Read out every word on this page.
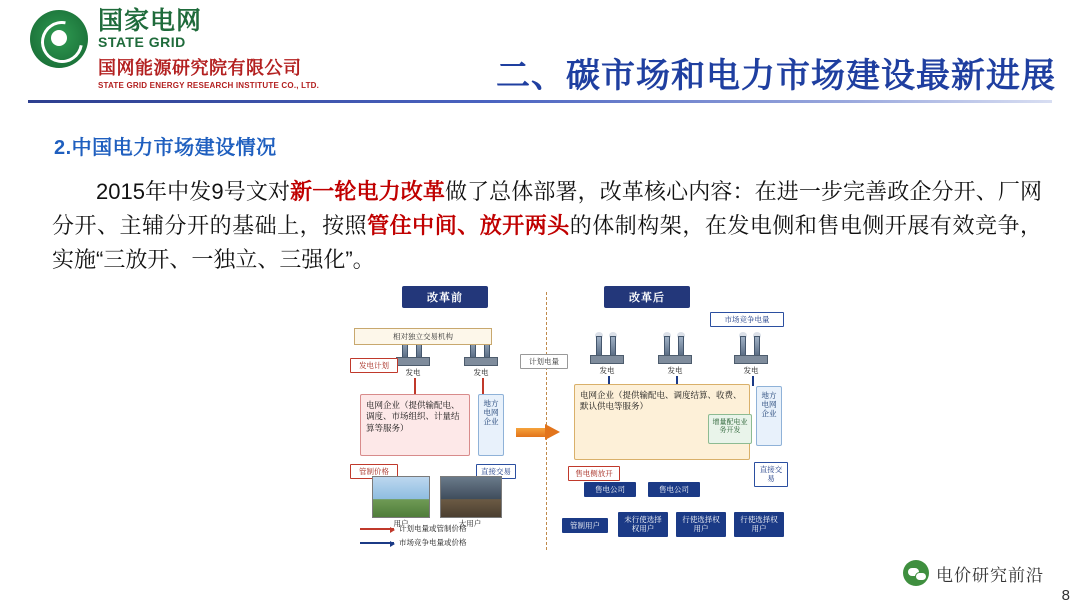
国家电网
STATE GRID
国网能源研究院有限公司
STATE GRID ENERGY RESEARCH INSTITUTE CO., LTD.	二、碳市场和电力市场建设最新进展
2.中国电力市场建设情况
2015年中发9号文对新一轮电力改革做了总体部署，改革核心内容：在进一步完善政企分开、厂网分开、主辅分开的基础上，按照管住中间、放开两头的体制构架，在发电侧和售电侧开展有效竞争，实施“三放开、一独立、三强化”。
改革前	改革后
市场竞争电量
发电	发电
发电计划	计划电量
发电	发电	发电
电网企业（提供输配电、调度、市场组织、计量结算等服务）
地方电网企业
电网企业（提供输配电、调度结算、收费、默认供电等服务）
相对独立交易机构
地方电网企业
增量配电业务开发
管制价格	直接交易	售电侧放开	直接交易
售电公司	售电公司
用户	大用户	管制用户
未行使选择权用户
行使选择权用户
行使选择权用户
计划电量或管制价格
市场竞争电量或价格
电价研究前沿
8
